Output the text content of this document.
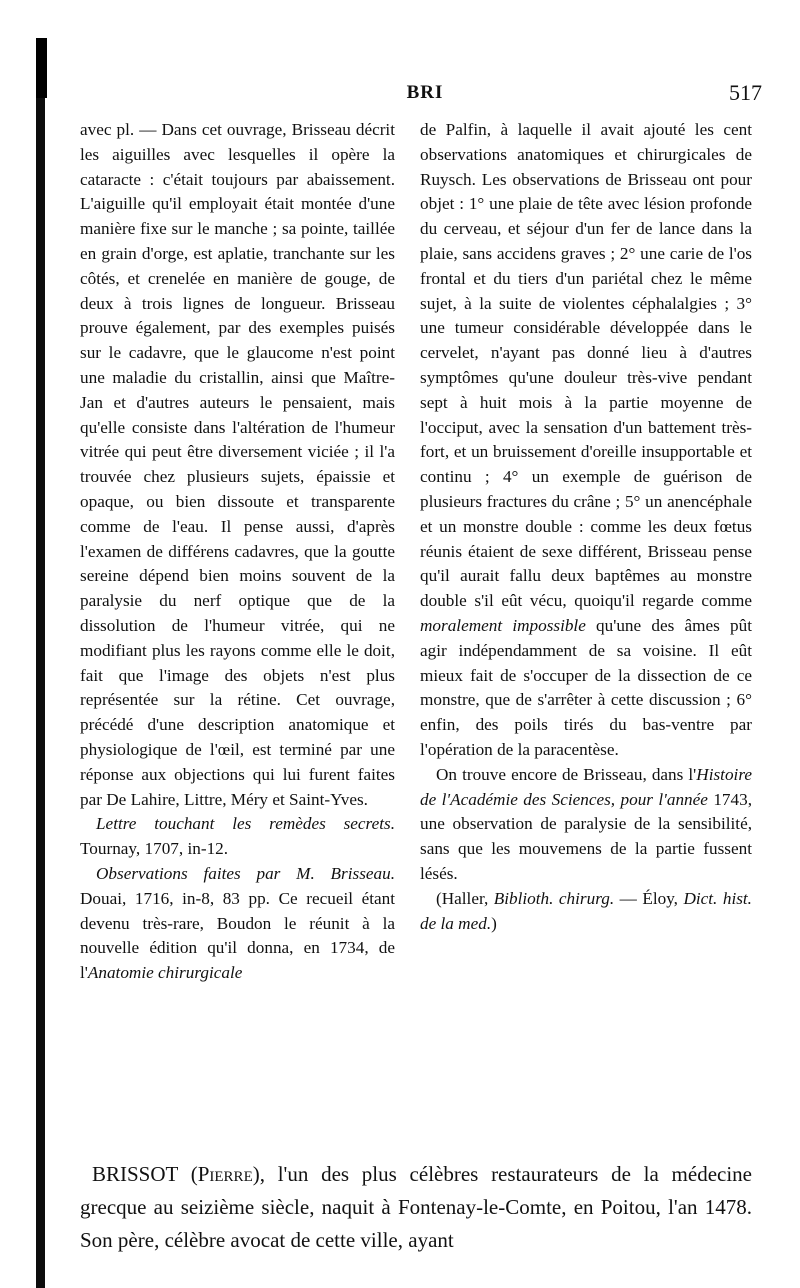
BRI	517

avec pl. — Dans cet ouvrage, Brisseau décrit les aiguilles avec lesquelles il opère la cataracte : c'était toujours par abaissement. L'aiguille qu'il employait était montée d'une manière fixe sur le manche ; sa pointe, taillée en grain d'orge, est aplatie, tranchante sur les côtés, et crenelée en manière de gouge, de deux à trois lignes de longueur. Brisseau prouve également, par des exemples puisés sur le cadavre, que le glaucome n'est point une maladie du cristallin, ainsi que Maître-Jan et d'autres auteurs le pensaient, mais qu'elle consiste dans l'altération de l'humeur vitrée qui peut être diversement viciée ; il l'a trouvée chez plusieurs sujets, épaissie et opaque, ou bien dissoute et transparente comme de l'eau. Il pense aussi, d'après l'examen de différens cadavres, que la goutte sereine dépend bien moins souvent de la paralysie du nerf optique que de la dissolution de l'humeur vitrée, qui ne modifiant plus les rayons comme elle le doit, fait que l'image des objets n'est plus représentée sur la rétine. Cet ouvrage, précédé d'une description anatomique et physiologique de l'œil, est terminé par une réponse aux objections qui lui furent faites par De Lahire, Littre, Méry et Saint-Yves.

Lettre touchant les remèdes secrets. Tournay, 1707, in-12.

Observations faites par M. Brisseau. Douai, 1716, in-8, 83 pp. Ce recueil étant devenu très-rare, Boudon le réunit à la nouvelle édition qu'il donna, en 1734, de l'Anatomie chirurgicale

de Palfin, à laquelle il avait ajouté les cent observations anatomiques et chirurgicales de Ruysch. Les observations de Brisseau ont pour objet : 1° une plaie de tête avec lésion profonde du cerveau, et séjour d'un fer de lance dans la plaie, sans accidens graves ; 2° une carie de l'os frontal et du tiers d'un pariétal chez le même sujet, à la suite de violentes céphalalgies ; 3° une tumeur considérable développée dans le cervelet, n'ayant pas donné lieu à d'autres symptômes qu'une douleur très-vive pendant sept à huit mois à la partie moyenne de l'occiput, avec la sensation d'un battement très-fort, et un bruissement d'oreille insupportable et continu ; 4° un exemple de guérison de plusieurs fractures du crâne ; 5° un anencéphale et un monstre double : comme les deux fœtus réunis étaient de sexe différent, Brisseau pense qu'il aurait fallu deux baptêmes au monstre double s'il eût vécu, quoiqu'il regarde comme moralement impossible qu'une des âmes pût agir indépendamment de sa voisine. Il eût mieux fait de s'occuper de la dissection de ce monstre, que de s'arrêter à cette discussion ; 6° enfin, des poils tirés du bas-ventre par l'opération de la paracentèse.

On trouve encore de Brisseau, dans l'Histoire de l'Académie des Sciences, pour l'année 1743, une observation de paralysie de la sensibilité, sans que les mouvemens de la partie fussent lésés.

(Haller, Biblioth. chirurg. — Éloy, Dict. hist. de la med.)

BRISSOT (Pierre), l'un des plus célèbres restaurateurs de la médecine grecque au seizième siècle, naquit à Fontenay-le-Comte, en Poitou, l'an 1478. Son père, célèbre avocat de cette ville, ayant
